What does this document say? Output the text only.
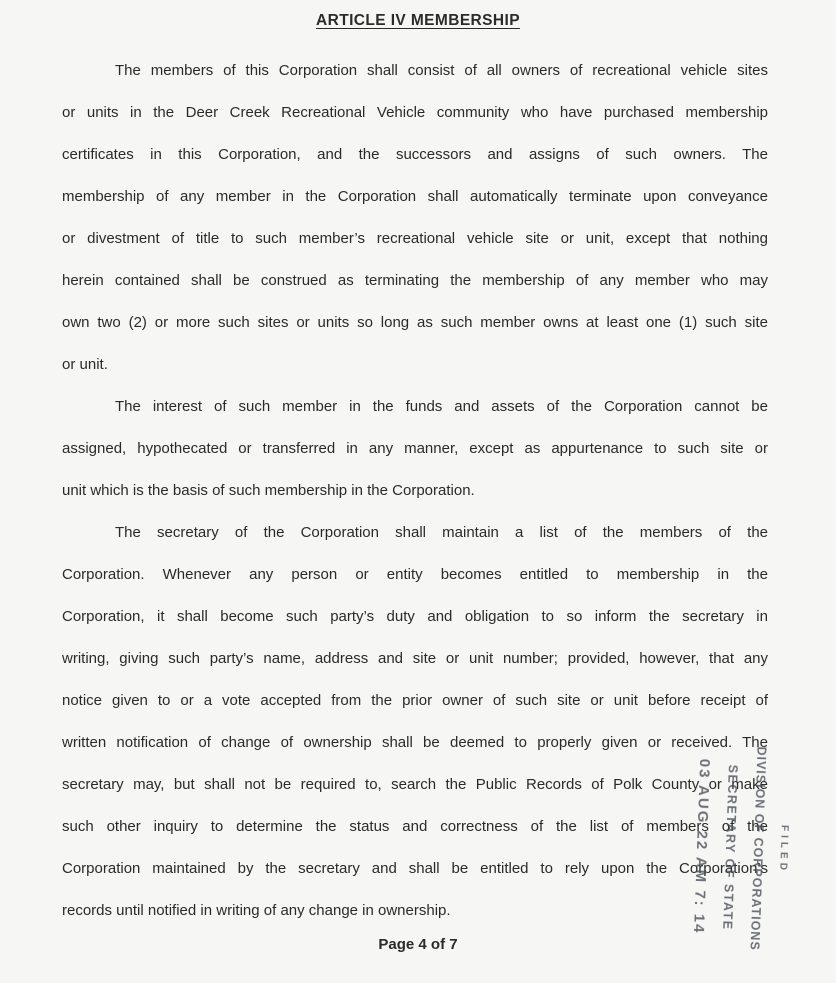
ARTICLE IV MEMBERSHIP
The members of this Corporation shall consist of all owners of recreational vehicle sites
or units in the Deer Creek Recreational Vehicle community who have purchased membership
certificates in this Corporation, and the successors and assigns of such owners. The
membership of any member in the Corporation shall automatically terminate upon conveyance
or divestment of title to such member’s recreational vehicle site or unit, except that nothing
herein contained shall be construed as terminating the membership of any member who may
own two (2) or more such sites or units so long as such member owns at least one (1) such site
or unit.
The interest of such member in the funds and assets of the Corporation cannot be
assigned, hypothecated or transferred in any manner, except as appurtenance to such site or
unit which is the basis of such membership in the Corporation.
The secretary of the Corporation shall maintain a list of the members of the
Corporation. Whenever any person or entity becomes entitled to membership in the
Corporation, it shall become such party’s duty and obligation to so inform the secretary in
writing, giving such party’s name, address and site or unit number; provided, however, that any
notice given to or a vote accepted from the prior owner of such site or unit before receipt of
written notification of change of ownership shall be deemed to properly given or received. The
secretary may, but shall not be required to, search the Public Records of Polk County or make
such other inquiry to determine the status and correctness of the list of members of the
Corporation maintained by the secretary and shall be entitled to rely upon the Corporation’s
records until notified in writing of any change in ownership.
FILED
DIVISION OF CORPORATIONS
SECRETARY OF STATE
03 AUG 22 AM 7: 14
Page 4 of 7
